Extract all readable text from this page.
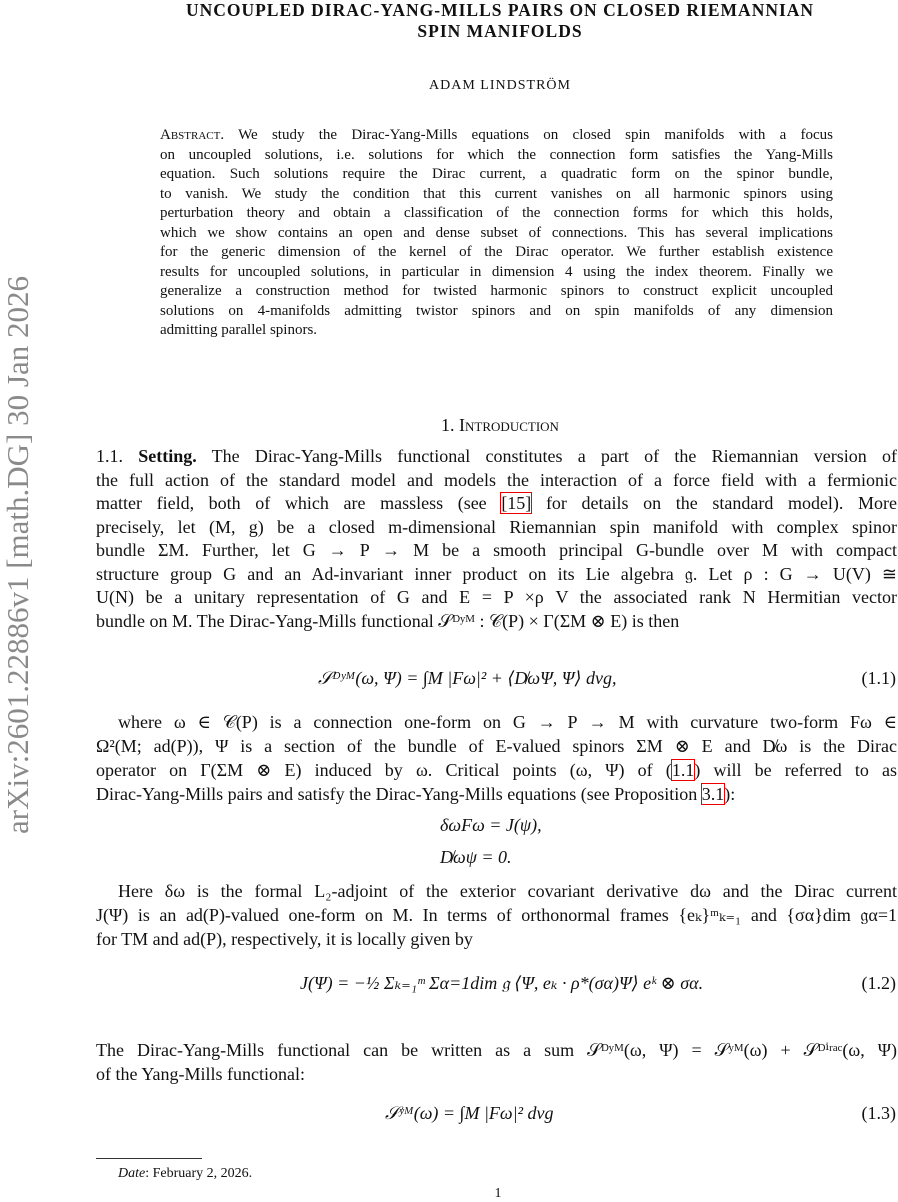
arXiv:2601.22886v1 [math.DG] 30 Jan 2026
UNCOUPLED DIRAC-YANG-MILLS PAIRS ON CLOSED RIEMANNIAN
SPIN MANIFOLDS
ADAM LINDSTRÖM
Abstract. We study the Dirac-Yang-Mills equations on closed spin manifolds with a focus
on uncoupled solutions, i.e. solutions for which the connection form satisfies the Yang-Mills
equation. Such solutions require the Dirac current, a quadratic form on the spinor bundle,
to vanish. We study the condition that this current vanishes on all harmonic spinors using
perturbation theory and obtain a classification of the connection forms for which this holds,
which we show contains an open and dense subset of connections. This has several implications
for the generic dimension of the kernel of the Dirac operator. We further establish existence
results for uncoupled solutions, in particular in dimension 4 using the index theorem. Finally we
generalize a construction method for twisted harmonic spinors to construct explicit uncoupled
solutions on 4-manifolds admitting twistor spinors and on spin manifolds of any dimension
admitting parallel spinors.
1. Introduction
1.1. Setting. The Dirac-Yang-Mills functional constitutes a part of the Riemannian version of
the full action of the standard model and models the interaction of a force field with a fermionic
matter field, both of which are massless (see [15] for details on the standard model). More
precisely, let (M, g) be a closed m-dimensional Riemannian spin manifold with complex spinor
bundle ΣM. Further, let G → P → M be a smooth principal G-bundle over M with compact
structure group G and an Ad-invariant inner product on its Lie algebra 𝔤. Let ρ : G → U(V) ≅
U(N) be a unitary representation of G and E = P ×ρ V the associated rank N Hermitian vector
bundle on M. The Dirac-Yang-Mills functional 𝒮ᴰʸᴹ : 𝒞(P) × Γ(ΣM ⊗ E) is then
𝒮ᴰʸᴹ(ω, Ψ) = ∫M |Fω|² + ⟨D̸ωΨ, Ψ⟩ dvg,	(1.1)
where ω ∈ 𝒞(P) is a connection one-form on G → P → M with curvature two-form Fω ∈
Ω²(M; ad(P)), Ψ is a section of the bundle of E-valued spinors ΣM ⊗ E and D̸ω is the Dirac
operator on Γ(ΣM ⊗ E) induced by ω. Critical points (ω, Ψ) of (1.1) will be referred to as
Dirac-Yang-Mills pairs and satisfy the Dirac-Yang-Mills equations (see Proposition 3.1):
δωFω = J(ψ),
D̸ωψ = 0.
Here δω is the formal L₂-adjoint of the exterior covariant derivative dω and the Dirac current
J(Ψ) is an ad(P)-valued one-form on M. In terms of orthonormal frames {eₖ}ᵐₖ₌₁ and {σα}dim 𝔤α=1
for TM and ad(P), respectively, it is locally given by
J(Ψ) = −½ Σₖ₌₁ᵐ Σα=1dim 𝔤 ⟨Ψ, eₖ · ρ*(σα)Ψ⟩ eᵏ ⊗ σα.	(1.2)
The Dirac-Yang-Mills functional can be written as a sum 𝒮ᴰʸᴹ(ω, Ψ) = 𝒮ʸᴹ(ω) + 𝒮ᴰⁱʳᵃᶜ(ω, Ψ)
of the Yang-Mills functional:
𝒮ʸᴹ(ω) = ∫M |Fω|² dvg	(1.3)
Date: February 2, 2026.
1
